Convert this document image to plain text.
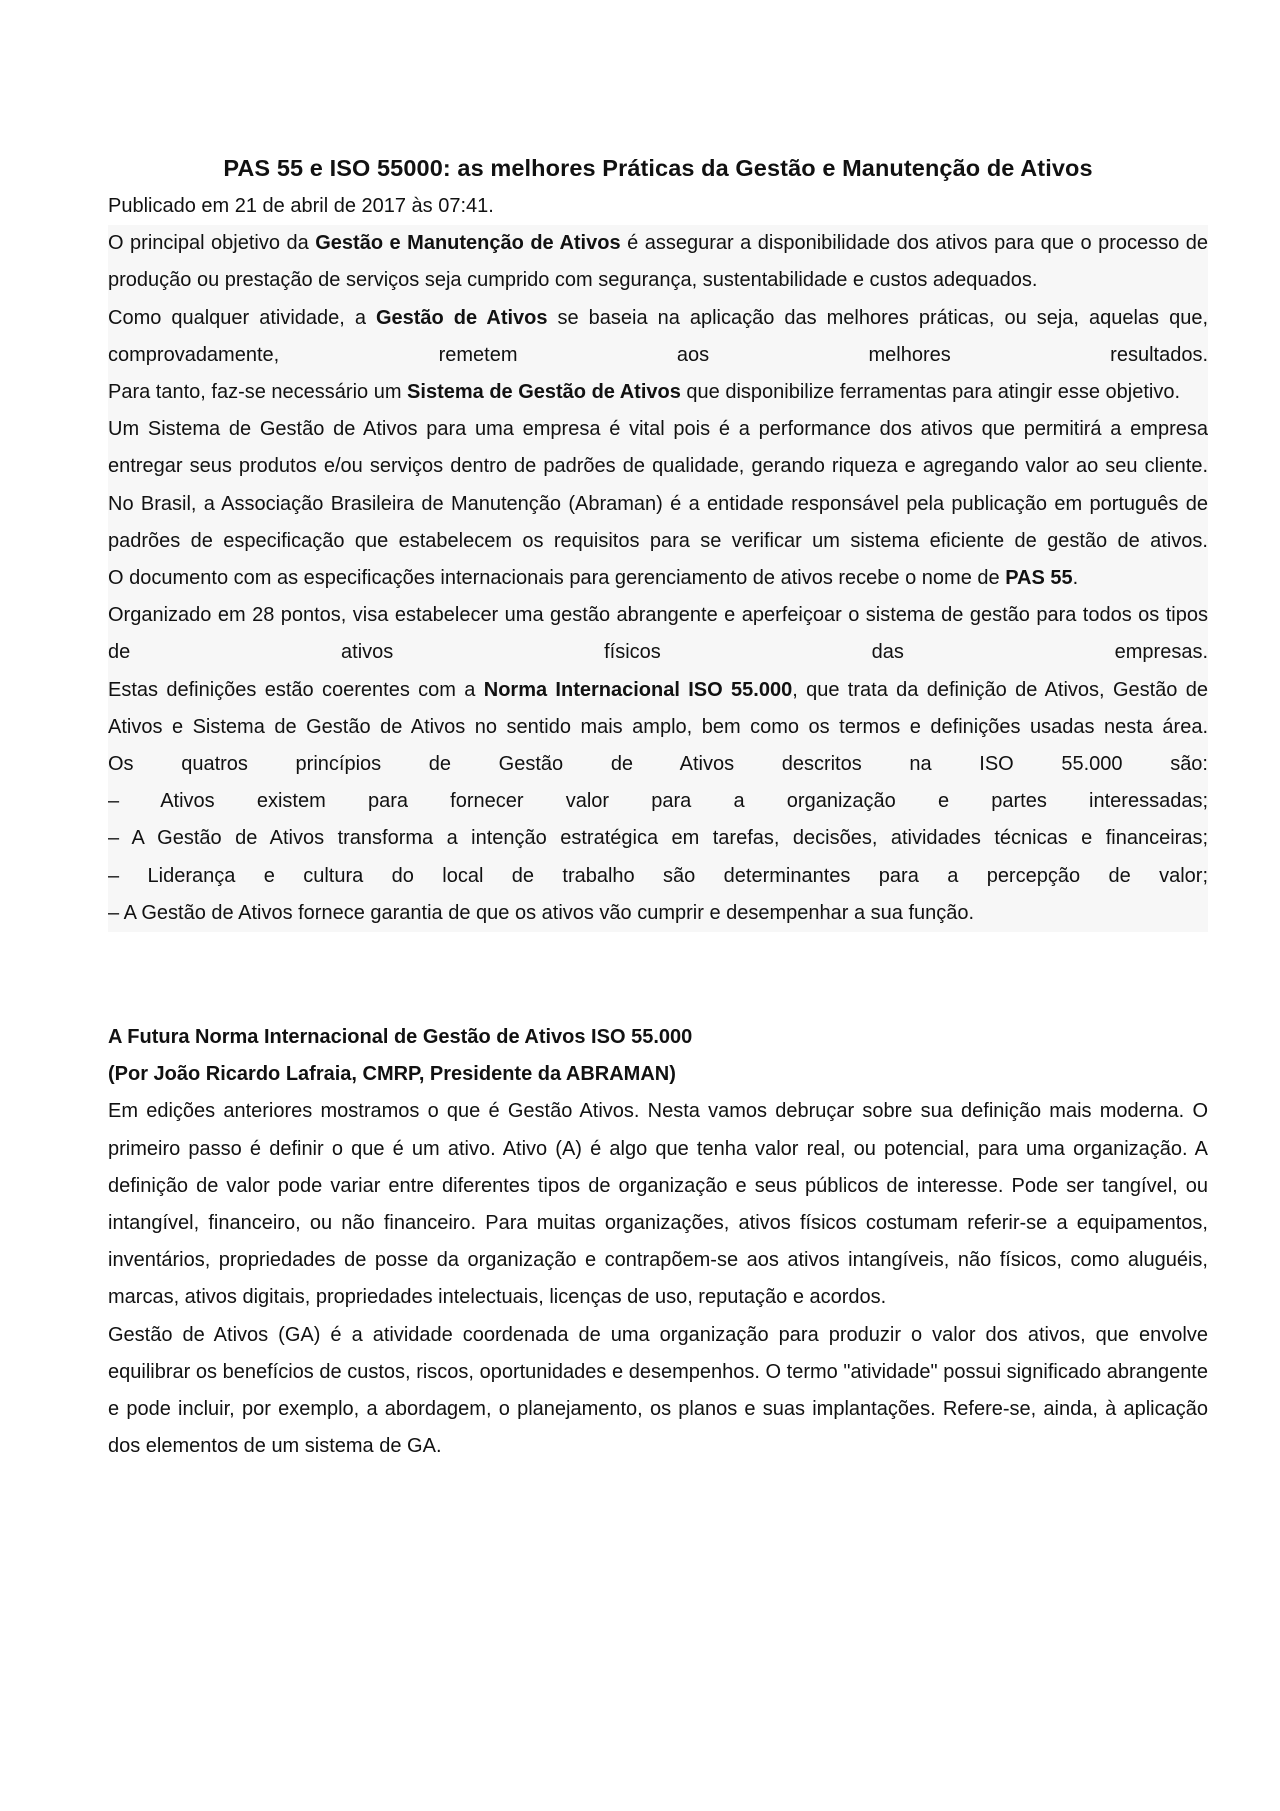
PAS 55 e ISO 55000: as melhores Práticas da Gestão e Manutenção de Ativos

Publicado em 21 de abril de 2017 às 07:41.

O principal objetivo da Gestão e Manutenção de Ativos é assegurar a disponibilidade dos ativos para que o processo de produção ou prestação de serviços seja cumprido com segurança, sustentabilidade e custos adequados.

Como qualquer atividade, a Gestão de Ativos se baseia na aplicação das melhores práticas, ou seja, aquelas que, comprovadamente, remetem aos melhores resultados.

Para tanto, faz-se necessário um Sistema de Gestão de Ativos que disponibilize ferramentas para atingir esse objetivo.

Um Sistema de Gestão de Ativos para uma empresa é vital pois é a performance dos ativos que permitirá a empresa entregar seus produtos e/ou serviços dentro de padrões de qualidade, gerando riqueza e agregando valor ao seu cliente.

No Brasil, a Associação Brasileira de Manutenção (Abraman) é a entidade responsável pela publicação em português de padrões de especificação que estabelecem os requisitos para se verificar um sistema eficiente de gestão de ativos.

O documento com as especificações internacionais para gerenciamento de ativos recebe o nome de PAS 55.

Organizado em 28 pontos, visa estabelecer uma gestão abrangente e aperfeiçoar o sistema de gestão para todos os tipos de ativos físicos das empresas.

Estas definições estão coerentes com a Norma Internacional ISO 55.000, que trata da definição de Ativos, Gestão de Ativos e Sistema de Gestão de Ativos no sentido mais amplo, bem como os termos e definições usadas nesta área.

Os quatros princípios de Gestão de Ativos descritos na ISO 55.000 são:

– Ativos existem para fornecer valor para a organização e partes interessadas;

– A Gestão de Ativos transforma a intenção estratégica em tarefas, decisões, atividades técnicas e financeiras;

– Liderança e cultura do local de trabalho são determinantes para a percepção de valor;

– A Gestão de Ativos fornece garantia de que os ativos vão cumprir e desempenhar a sua função.

A Futura Norma Internacional de Gestão de Ativos ISO 55.000

(Por João Ricardo Lafraia, CMRP, Presidente da ABRAMAN)

Em edições anteriores mostramos o que é Gestão Ativos. Nesta vamos debruçar sobre sua definição mais moderna. O primeiro passo é definir o que é um ativo. Ativo (A) é algo que tenha valor real, ou potencial, para uma organização. A definição de valor pode variar entre diferentes tipos de organização e seus públicos de interesse. Pode ser tangível, ou intangível, financeiro, ou não financeiro. Para muitas organizações, ativos físicos costumam referir-se a equipamentos, inventários, propriedades de posse da organização e contrapõem-se aos ativos intangíveis, não físicos, como aluguéis, marcas, ativos digitais, propriedades intelectuais, licenças de uso, reputação e acordos.

Gestão de Ativos (GA) é a atividade coordenada de uma organização para produzir o valor dos ativos, que envolve equilibrar os benefícios de custos, riscos, oportunidades e desempenhos. O termo "atividade" possui significado abrangente e pode incluir, por exemplo, a abordagem, o planejamento, os planos e suas implantações. Refere-se, ainda, à aplicação dos elementos de um sistema de GA.
